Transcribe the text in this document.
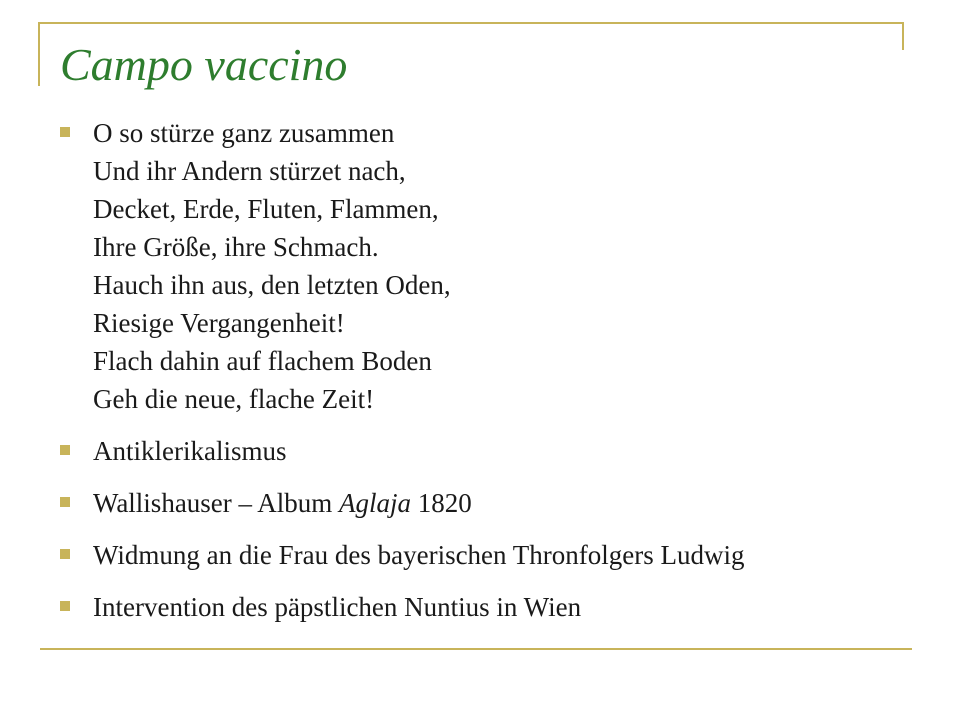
Campo vaccino
O so stürze ganz zusammen
Und ihr Andern stürzet nach,
Decket, Erde, Fluten, Flammen,
Ihre Größe, ihre Schmach.
Hauch ihn aus, den letzten Oden,
Riesige Vergangenheit!
Flach dahin auf flachem Boden
Geh die neue, flache Zeit!
Antiklerikalismus
Wallishauser – Album Aglaja 1820
Widmung an die Frau des bayerischen Thronfolgers Ludwig
Intervention des päpstlichen Nuntius in Wien
